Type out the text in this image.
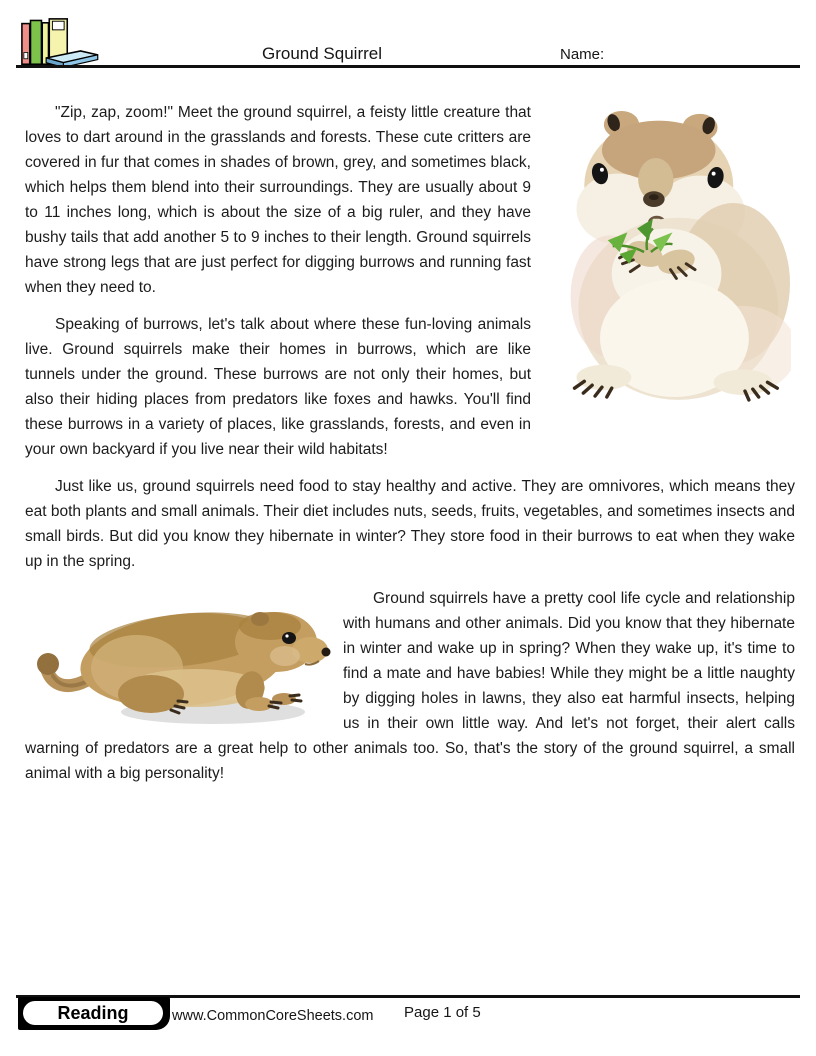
Ground Squirrel	Name:

"Zip, zap, zoom!" Meet the ground squirrel, a feisty little creature that loves to dart around in the grasslands and forests. These cute critters are covered in fur that comes in shades of brown, grey, and sometimes black, which helps them blend into their surroundings. They are usually about 9 to 11 inches long, which is about the size of a big ruler, and they have bushy tails that add another 5 to 9 inches to their length. Ground squirrels have strong legs that are just perfect for digging burrows and running fast when they need to.

Speaking of burrows, let's talk about where these fun-loving animals live. Ground squirrels make their homes in burrows, which are like tunnels under the ground. These burrows are not only their homes, but also their hiding places from predators like foxes and hawks. You'll find these burrows in a variety of places, like grasslands, forests, and even in your own backyard if you live near their wild habitats!

Just like us, ground squirrels need food to stay healthy and active. They are omnivores, which means they eat both plants and small animals. Their diet includes nuts, seeds, fruits, vegetables, and sometimes insects and small birds. But did you know they hibernate in winter? They store food in their burrows to eat when they wake up in the spring.

Ground squirrels have a pretty cool life cycle and relationship with humans and other animals. Did you know that they hibernate in winter and wake up in spring? When they wake up, it's time to find a mate and have babies! While they might be a little naughty by digging holes in lawns, they also eat harmful insects, helping us in their own little way. And let's not forget, their alert calls warning of predators are a great help to other animals too. So, that's the story of the ground squirrel, a small animal with a big personality!

Reading	www.CommonCoreSheets.com Page 1 of 5
